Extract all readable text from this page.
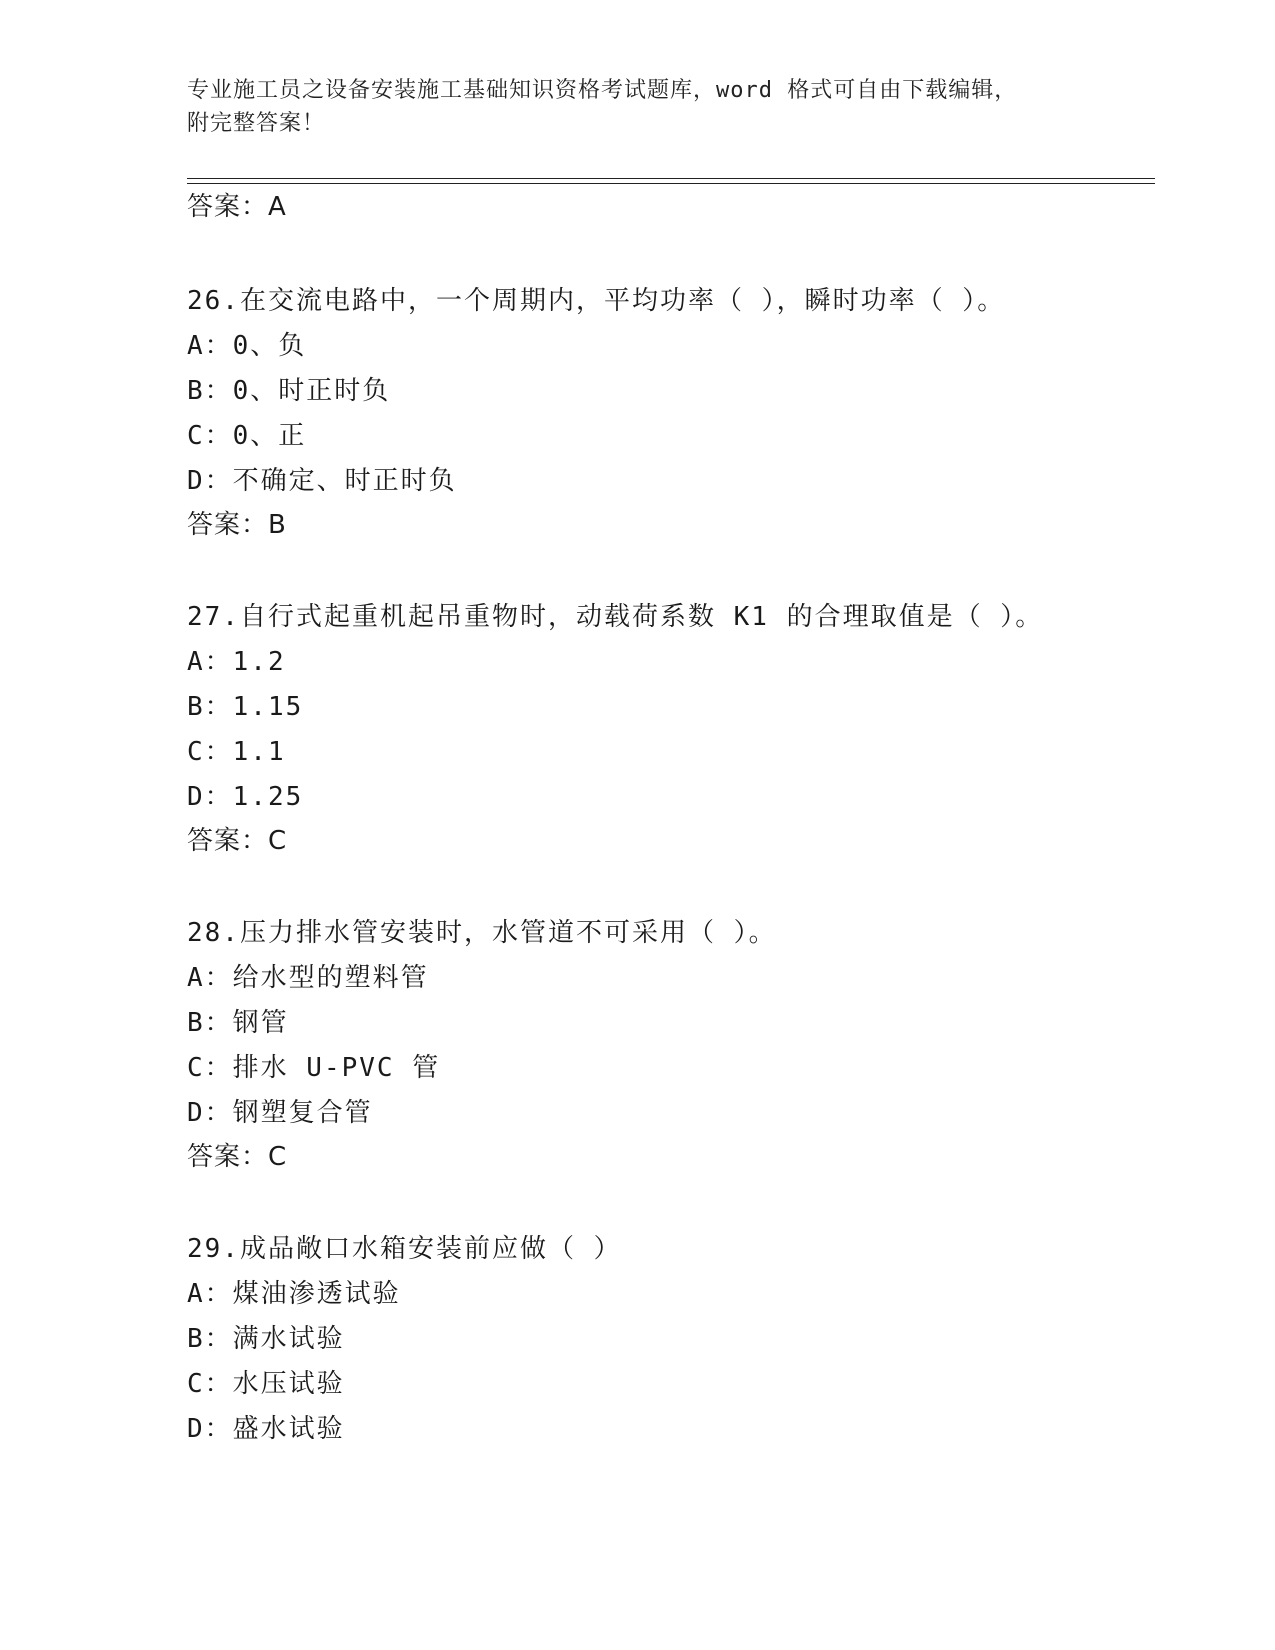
专业施工员之设备安装施工基础知识资格考试题库，word 格式可自由下载编辑，
附完整答案！
答案：A
26.在交流电路中，一个周期内，平均功率（ ），瞬时功率（ ）。
A：0、负
B：0、时正时负
C：0、正
D：不确定、时正时负
答案：B
27.自行式起重机起吊重物时，动载荷系数 K1 的合理取值是（ ）。
A：1.2
B：1.15
C：1.1
D：1.25
答案：C
28.压力排水管安装时，水管道不可采用（ ）。
A：给水型的塑料管
B：钢管
C：排水 U-PVC 管
D：钢塑复合管
答案：C
29.成品敞口水箱安装前应做（ ）
A：煤油渗透试验
B：满水试验
C：水压试验
D：盛水试验
